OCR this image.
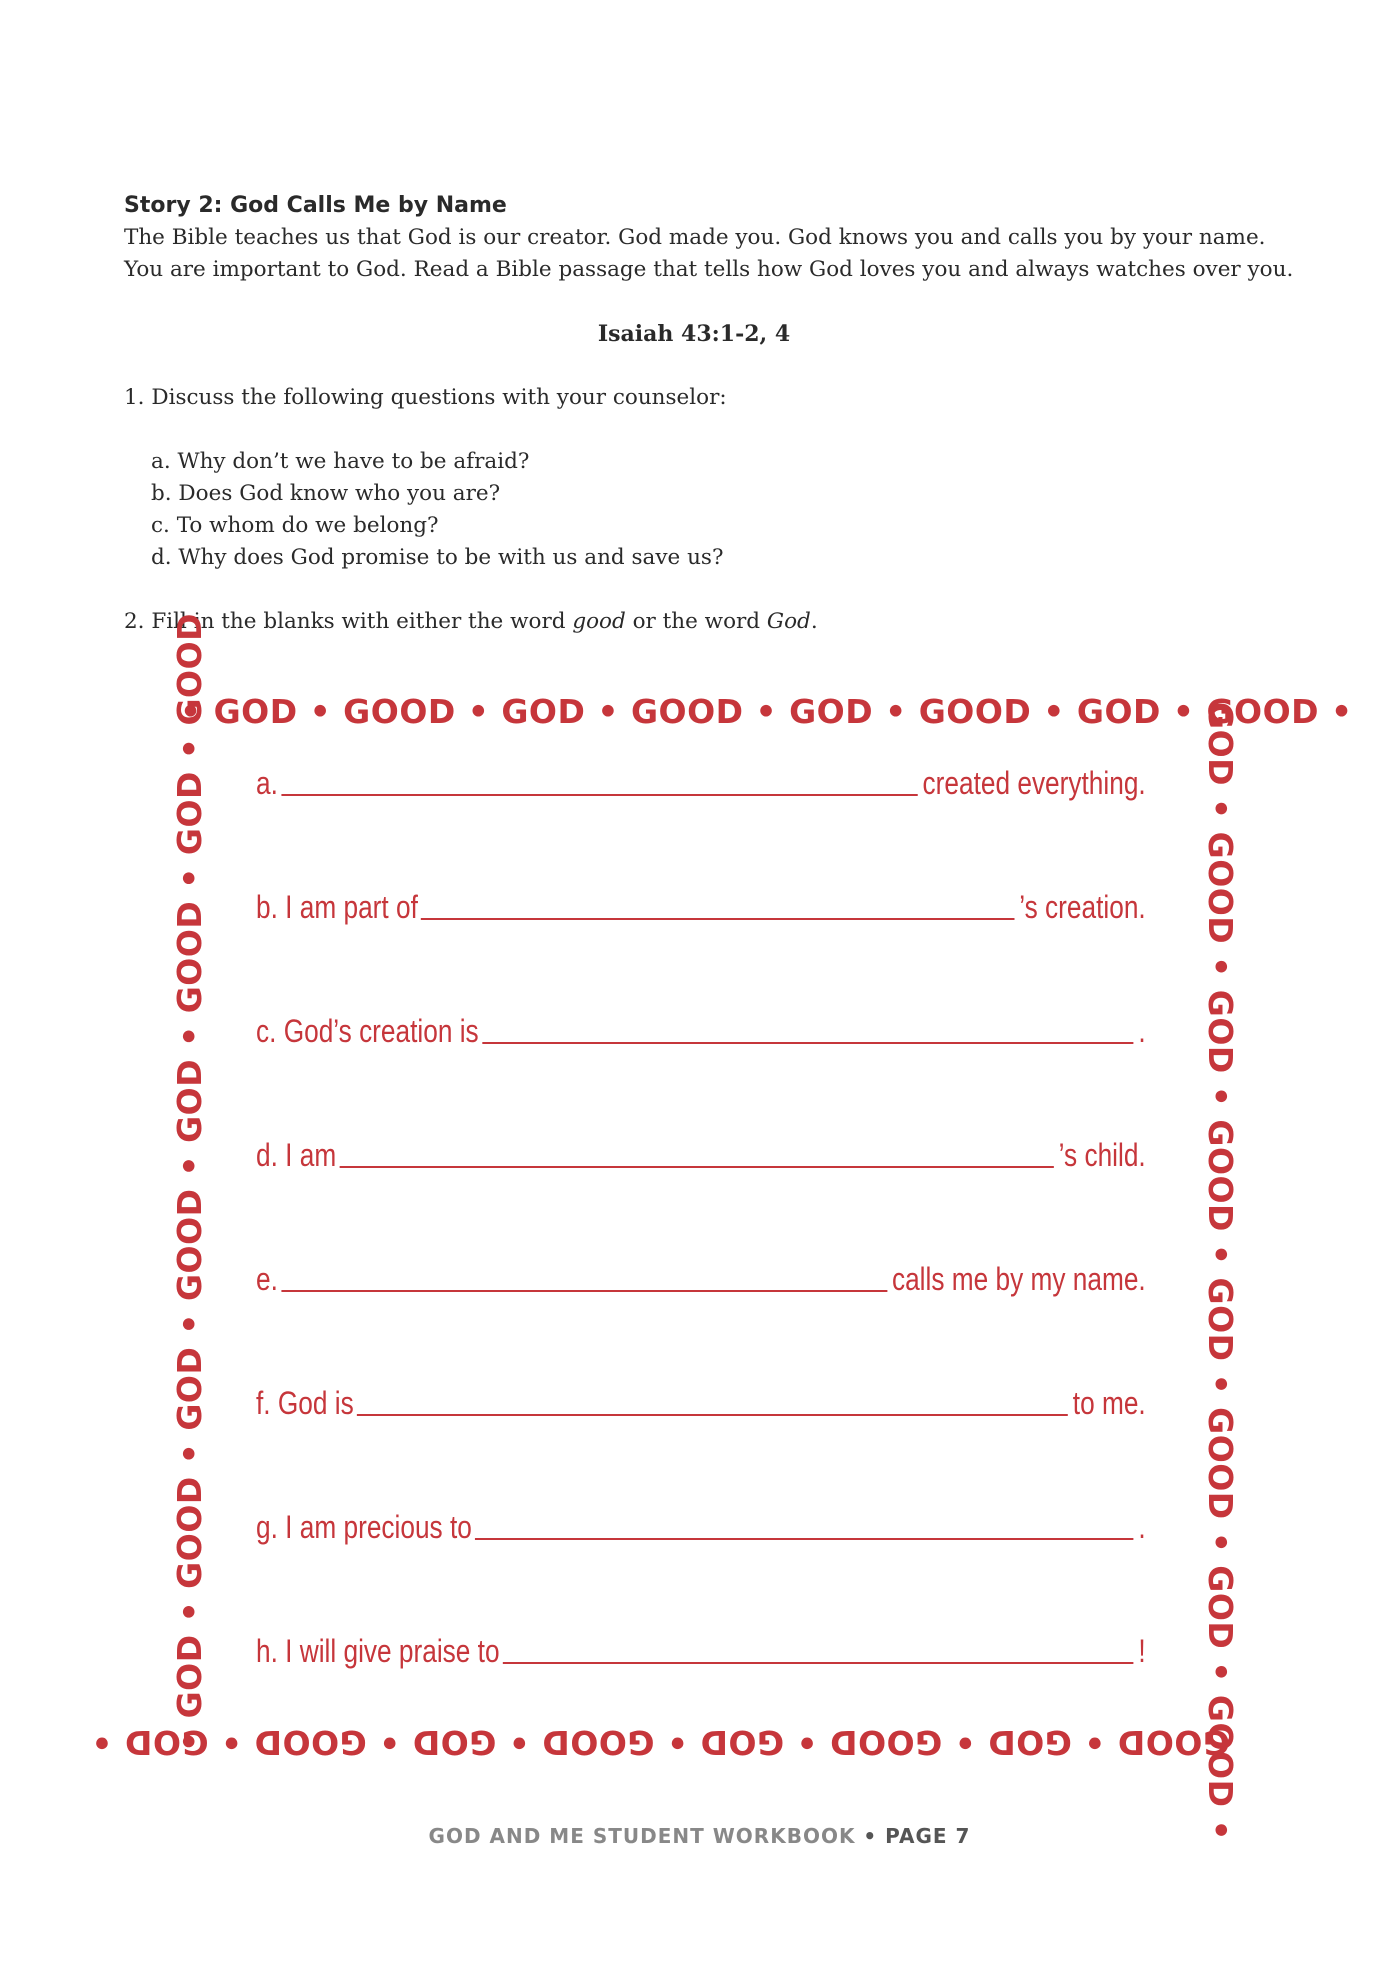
Story 2: God Calls Me by Name

The Bible teaches us that God is our creator. God made you. God knows you and calls you by your name.
You are important to God. Read a Bible passage that tells how God loves you and always watches over you.

Isaiah 43:1-2, 4

1. Discuss the following questions with your counselor:

a. Why don’t we have to be afraid?
b. Does God know who you are?
c. To whom do we belong?
d. Why does God promise to be with us and save us?

2. Fill in the blanks with either the word good or the word God.

• GOD • GOOD • GOD • GOOD • GOD • GOOD • GOD • GOOD •
GOD • GOOD • GOD • GOOD • GOD • GOOD • GOD • GOOD •
GOOD • GOD • GOOD • GOD • GOOD • GOD • GOOD • GOD •
• GOD • GOOD • GOD • GOOD • GOD • GOOD • GOD • GOOD a.	created everything.
b. I am part of	’s creation.
c. God’s creation is	.
d. I am	’s child.
e.	calls me by my name.
f. God is	to me.
g. I am precious to	.
h. I will give praise to	!
GOD AND ME STUDENT WORKBOOK • PAGE 7
